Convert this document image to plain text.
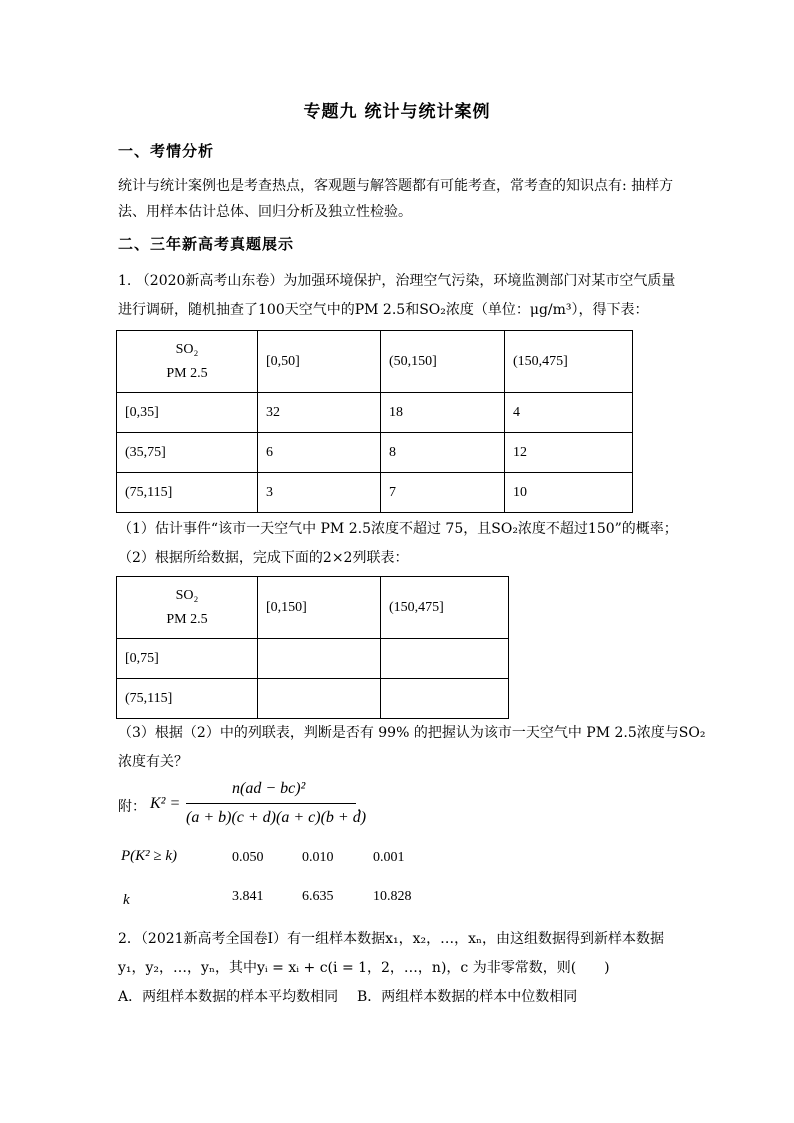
专题九 统计与统计案例
一、考情分析
统计与统计案例也是考查热点，客观题与解答题都有可能考查，常考查的知识点有: 抽样方
法、用样本估计总体、回归分析及独立性检验。
二、三年新高考真题展示
1. （2020新高考山东卷）为加强环境保护，治理空气污染，环境监测部门对某市空气质量
进行调研，随机抽查了100天空气中的PM 2.5和SO₂浓度（单位：μg/m³），得下表：
SO₂
PM 2.5	[0,50]	(50,150]	(150,475]
[0,35]	32	18	4
(35,75]	6	8	12
(75,115]	3	7	10
（1）估计事件“该市一天空气中 PM 2.5浓度不超过 75，且SO₂浓度不超过150”的概率；
（2）根据所给数据，完成下面的2×2列联表：
SO₂
PM 2.5	[0,150]	(150,475]
[0,75]		
(75,115]		
（3）根据（2）中的列联表，判断是否有 99% 的把握认为该市一天空气中 PM 2.5浓度与SO₂
浓度有关？
附： K² =
n(ad − bc)²
(a + b)(c + d)(a + c)(b + d)
，
P(K² ≥ k)	0.050	0.010	0.001
k	3.841	6.635	10.828
2．（2021新高考全国卷Ⅰ）有一组样本数据x₁，x₂，…，xₙ，由这组数据得到新样本数据
y₁，y₂，…，yₙ，其中yᵢ = xᵢ + c(i = 1，2，…，n)，c 为非零常数，则(　　)
A．两组样本数据的样本平均数相同 B．两组样本数据的样本中位数相同
